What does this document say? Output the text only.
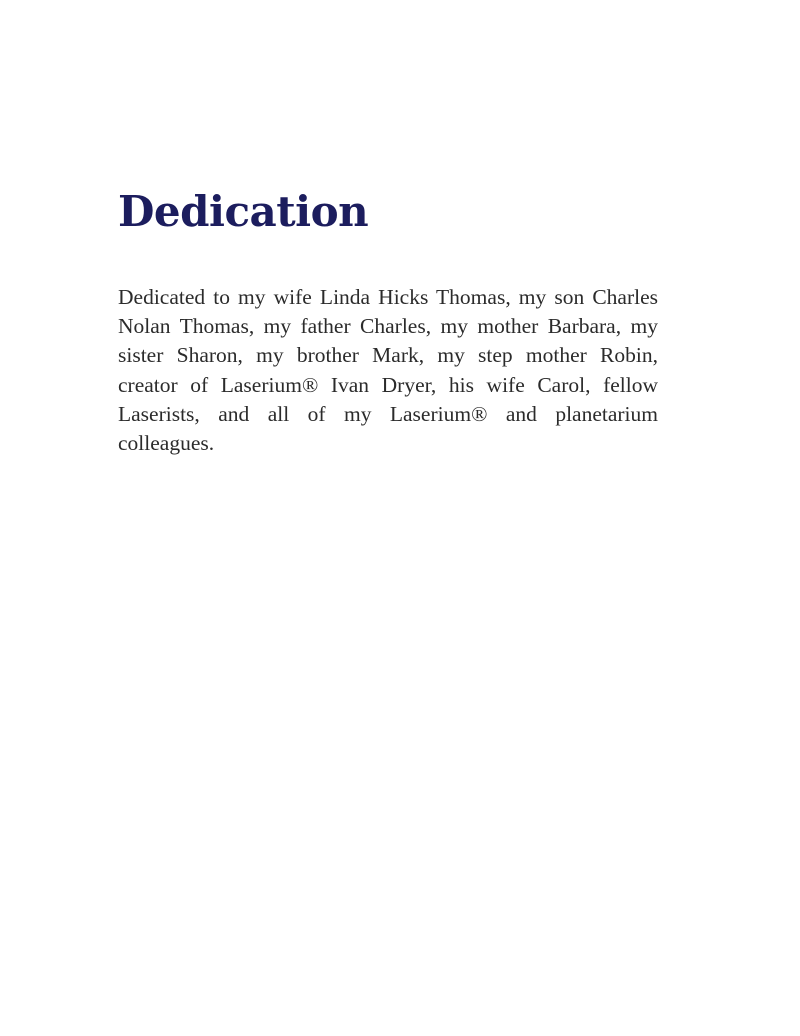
Dedication

Dedicated to my wife Linda Hicks Thomas, my son Charles Nolan Thomas, my father Charles, my mother Barbara, my sister Sharon, my brother Mark, my step mother Robin, creator of Laserium® Ivan Dryer, his wife Carol, fellow Laserists, and all of my Laserium® and planetarium colleagues.
